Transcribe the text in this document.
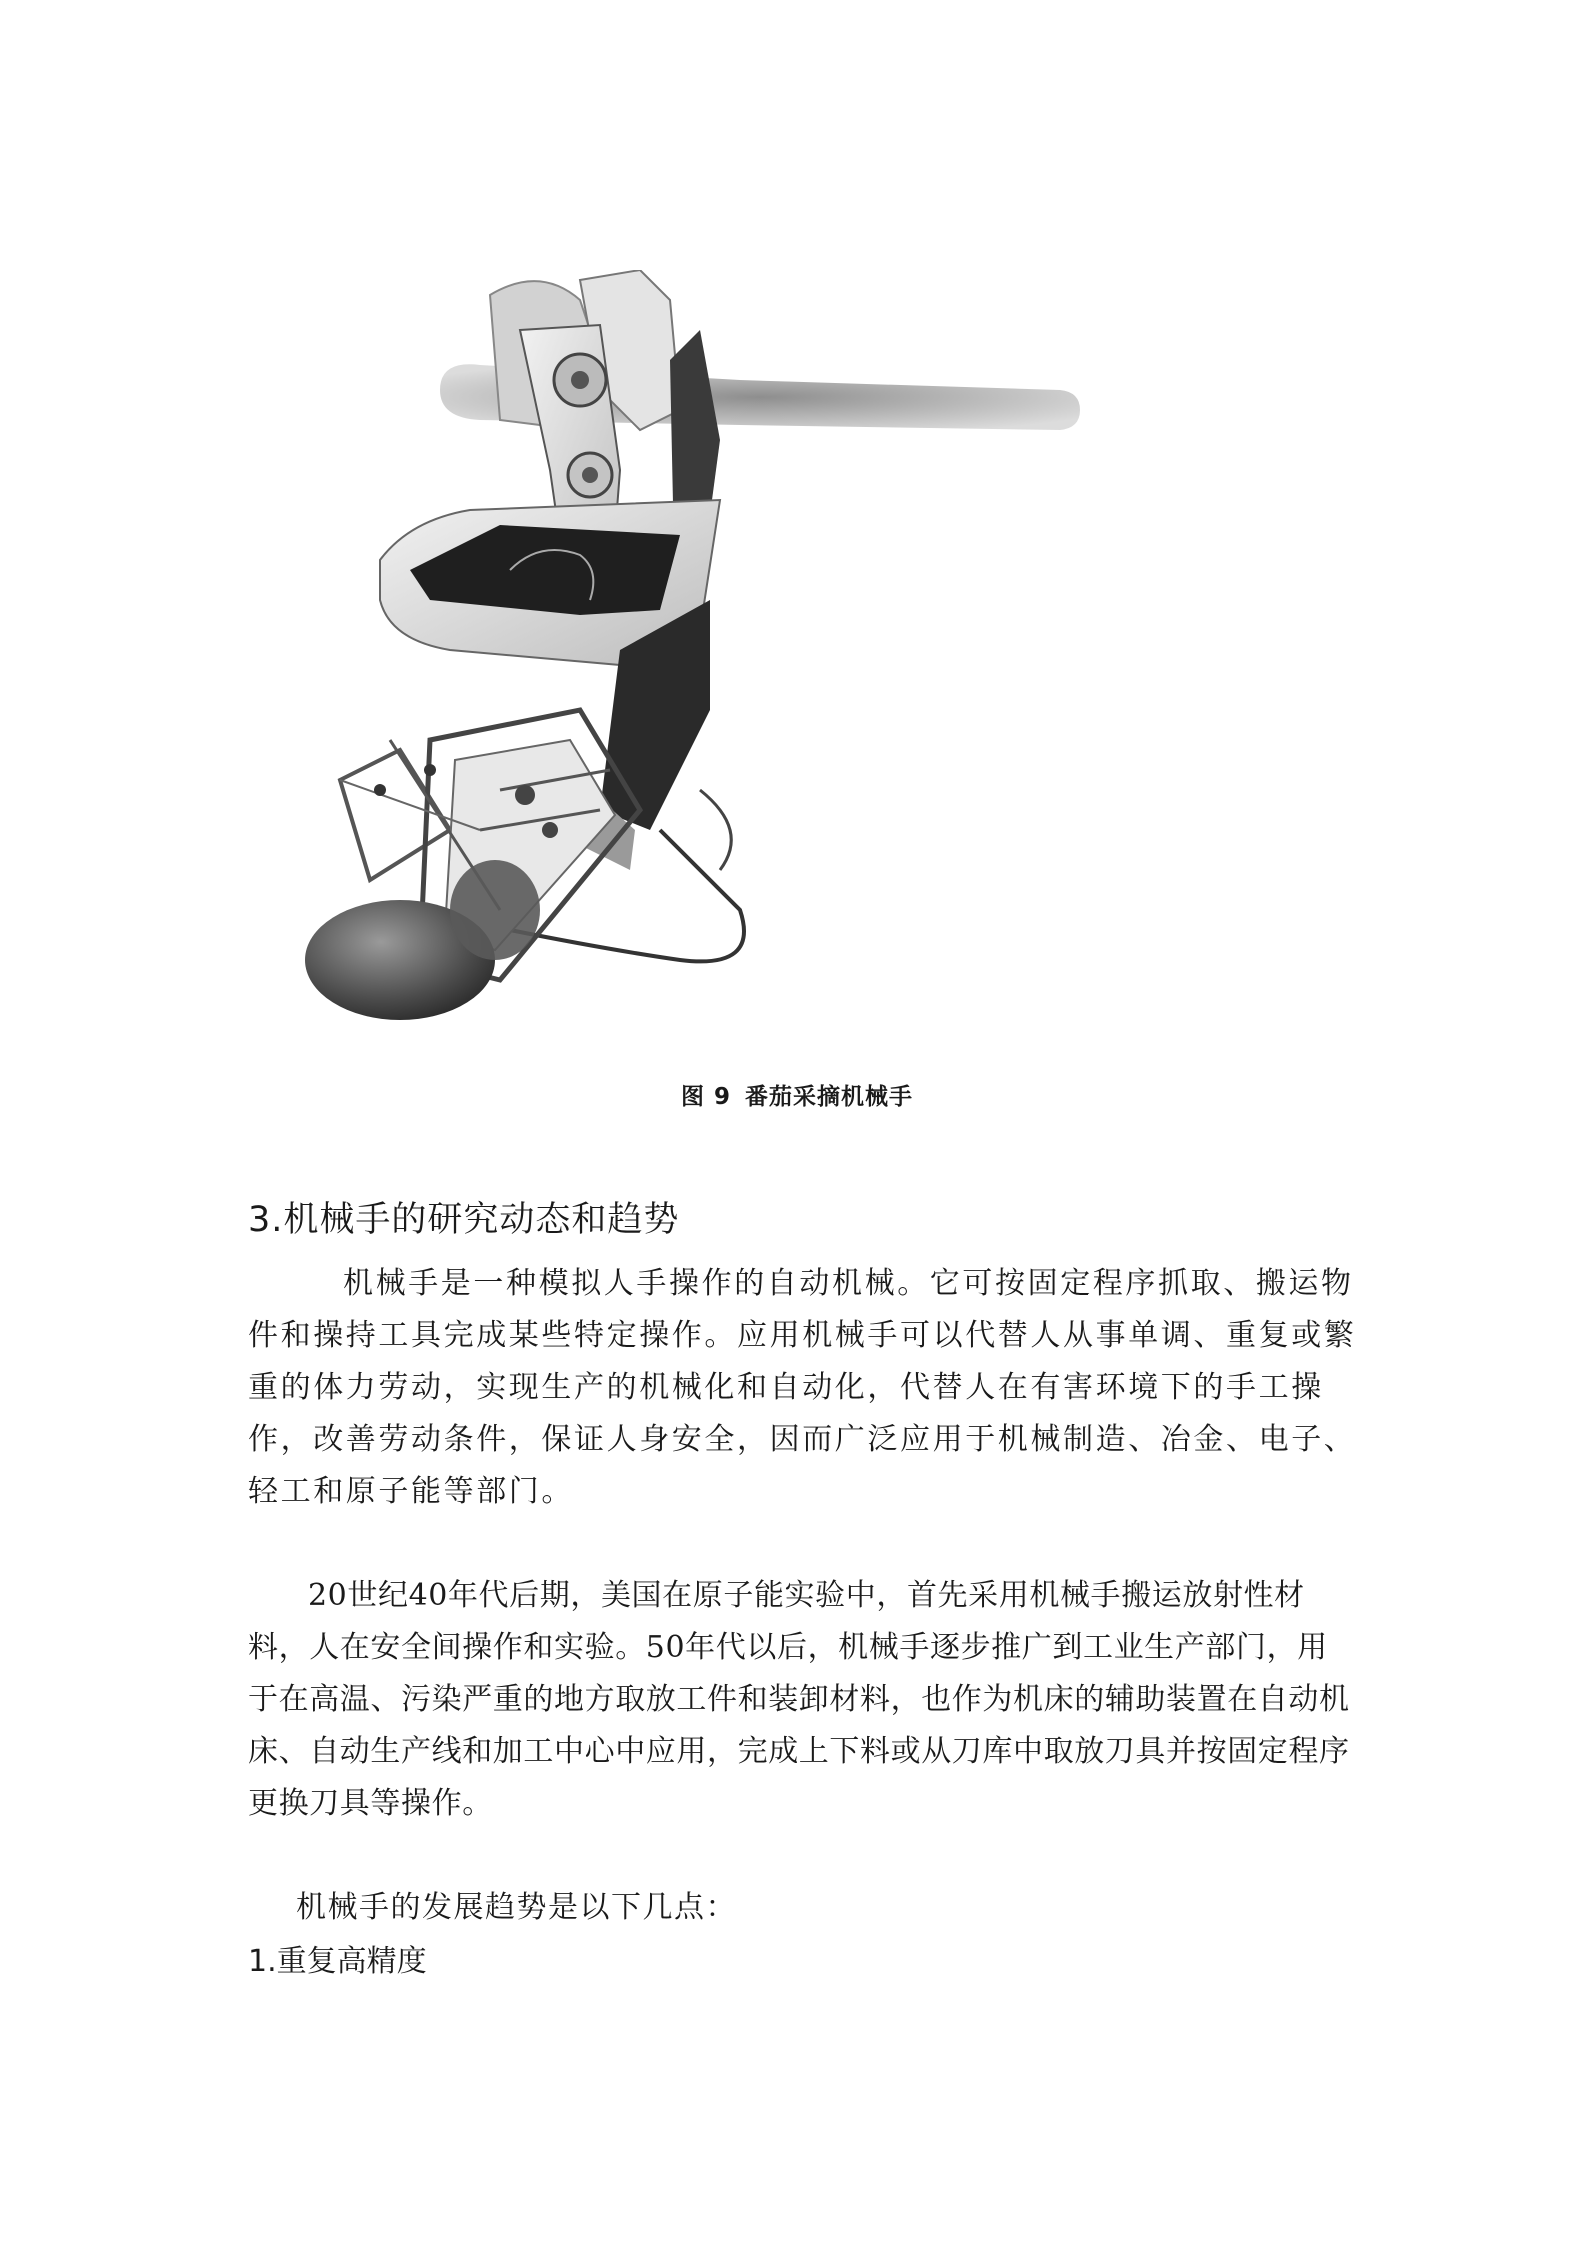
图 9 番茄采摘机械手
3.机械手的研究动态和趋势

机械手是一种模拟人手操作的自动机械。它可按固定程序抓取、搬运物件和操持工具完成某些特定操作。应用机械手可以代替人从事单调、重复或繁重的体力劳动，实现生产的机械化和自动化，代替人在有害环境下的手工操作，改善劳动条件，保证人身安全，因而广泛应用于机械制造、冶金、电子、轻工和原子能等部门。

20世纪40年代后期，美国在原子能实验中，首先采用机械手搬运放射性材料，人在安全间操作和实验。50年代以后，机械手逐步推广到工业生产部门，用于在高温、污染严重的地方取放工件和装卸材料，也作为机床的辅助装置在自动机床、自动生产线和加工中心中应用，完成上下料或从刀库中取放刀具并按固定程序更换刀具等操作。

机械手的发展趋势是以下几点：

1.重复高精度
